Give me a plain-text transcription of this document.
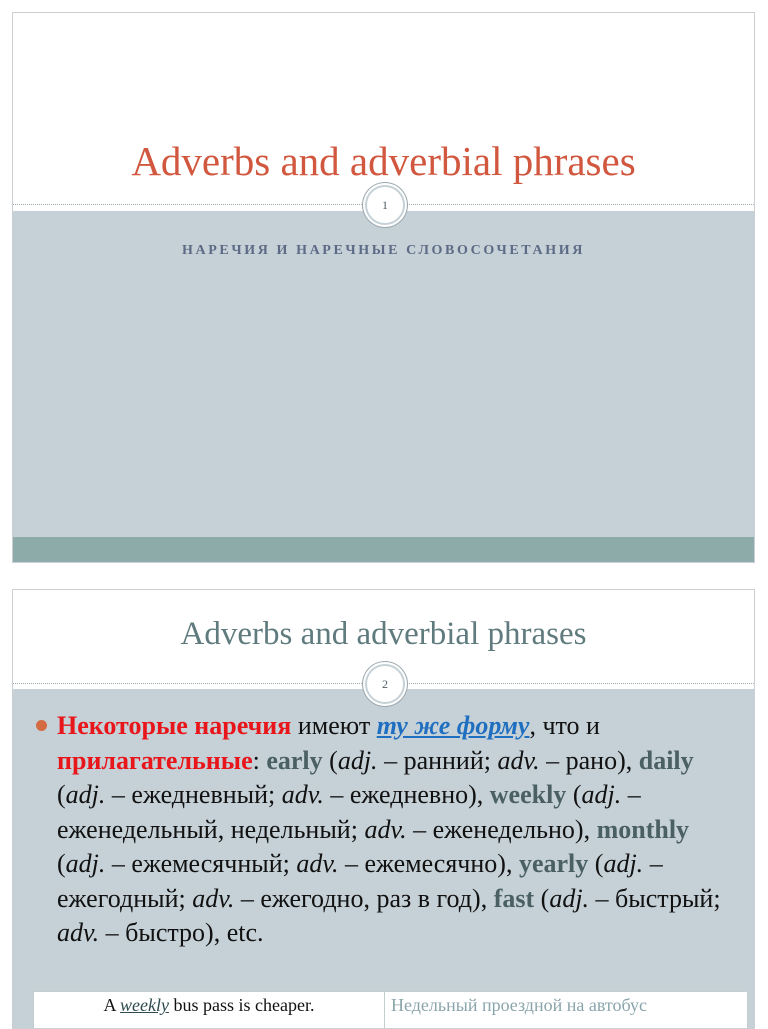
Adverbs and adverbial phrases
1
НАРЕЧИЯ И НАРЕЧНЫЕ СЛОВОСОЧЕТАНИЯ
Adverbs and adverbial phrases
2
Некоторые наречия имеют ту же форму, что и прилагательные: early (adj. – ранний; adv. – рано), daily (adj. – ежедневный; adv. – ежедневно), weekly (adj. – еженедельный, недельный; adv. – еженедельно), monthly (adj. – ежемесячный; adv. – ежемесячно), yearly (adj. – ежегодный; adv. – ежегодно, раз в год), fast (adj. – быстрый; adv. – быстро), etc.
A weekly bus pass is cheaper.	Недельный проездной на автобус
